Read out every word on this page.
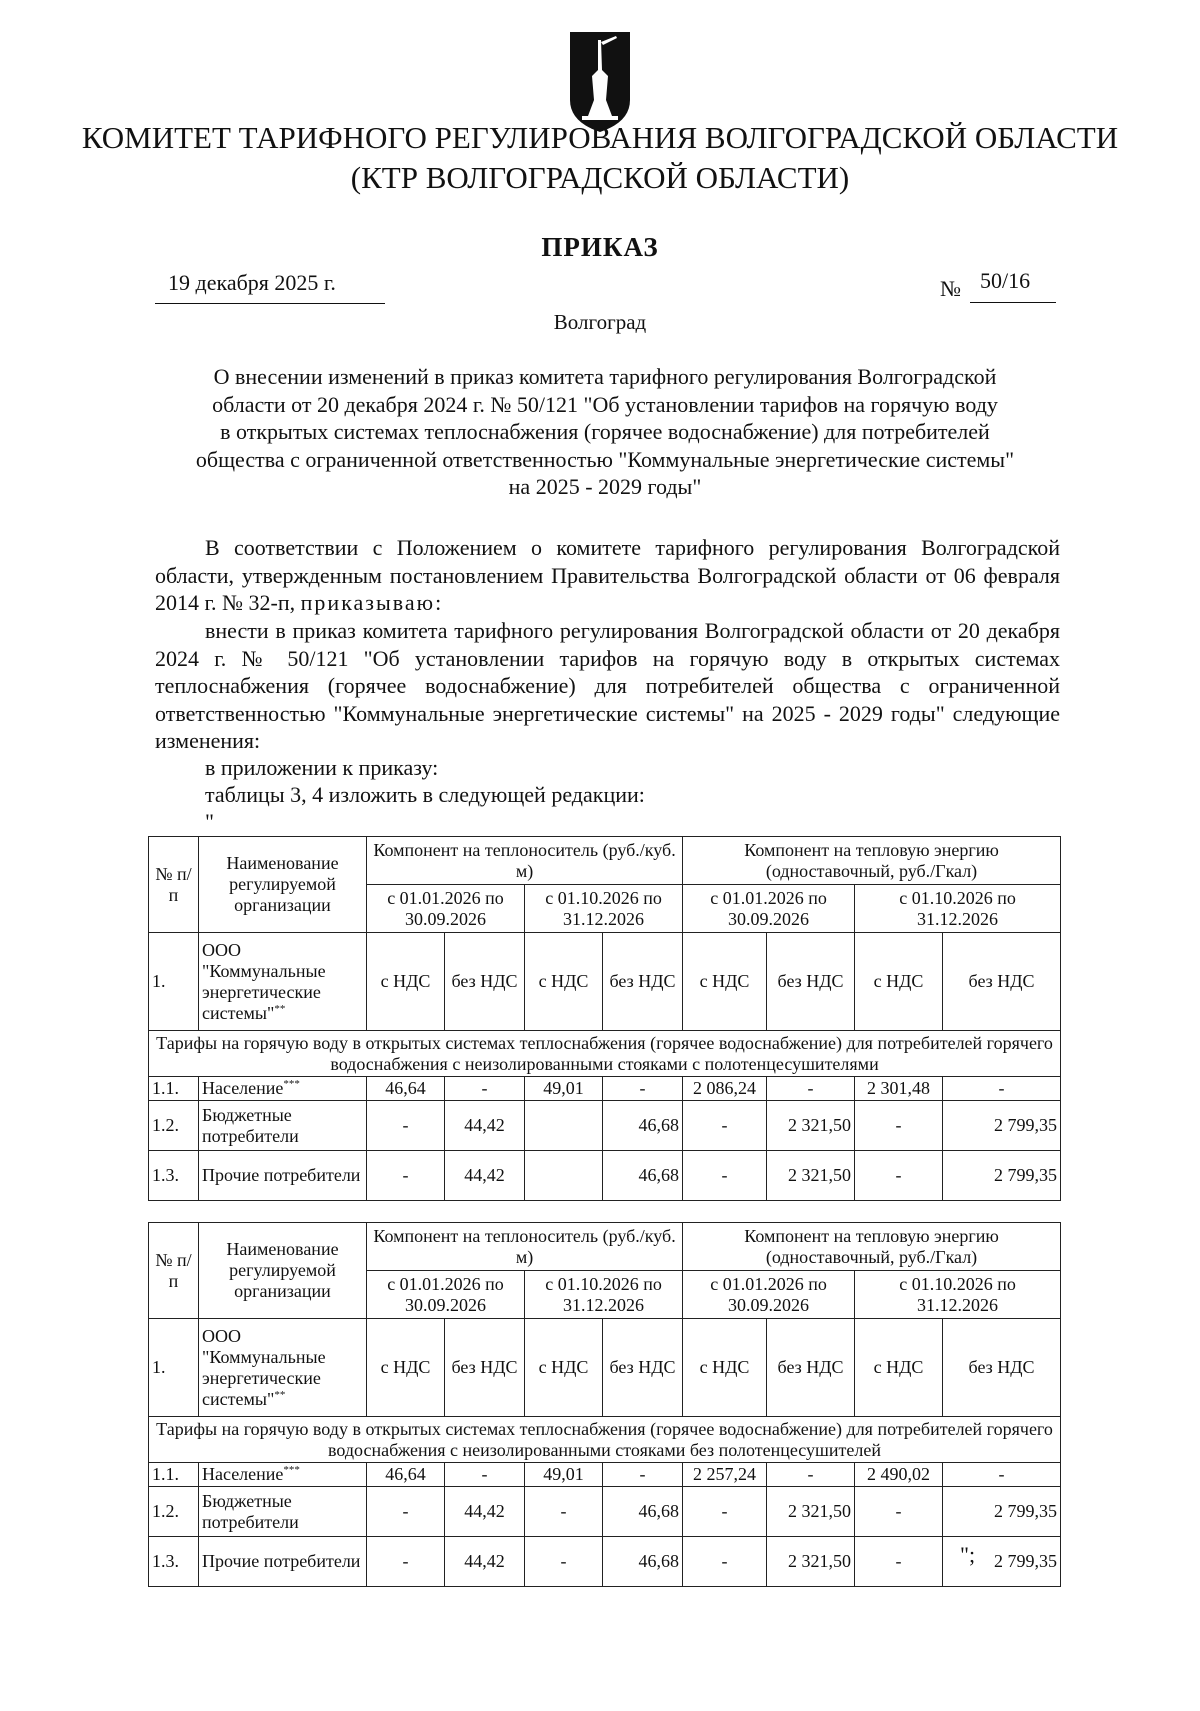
КОМИТЕТ ТАРИФНОГО РЕГУЛИРОВАНИЯ ВОЛГОГРАДСКОЙ ОБЛАСТИ
(КТР ВОЛГОГРАДСКОЙ ОБЛАСТИ)
ПРИКАЗ
19 декабря 2025 г.	№ 50/16
Волгоград
О внесении изменений в приказ комитета тарифного регулирования Волгоградской
области от 20 декабря 2024 г. № 50/121 "Об установлении тарифов на горячую воду
в открытых системах теплоснабжения (горячее водоснабжение) для потребителей
общества с ограниченной ответственностью "Коммунальные энергетические системы"
на 2025 - 2029 годы"
В соответствии с Положением о комитете тарифного регулирования Волгоградской области, утвержденным постановлением Правительства Волгоградской области от 06 февраля 2014 г. № 32-п, приказываю:
внести в приказ комитета тарифного регулирования Волгоградской области от 20 декабря 2024 г. № 50/121 "Об установлении тарифов на горячую воду в открытых системах теплоснабжения (горячее водоснабжение) для потребителей общества с ограниченной ответственностью "Коммунальные энергетические системы" на 2025 - 2029 годы" следующие изменения:
в приложении к приказу:
таблицы 3, 4 изложить в следующей редакции:
"
№ п/п	Наименование регулируемой организации	Компонент на теплоноситель (руб./куб. м)				Компонент на тепловую энергию (одноставочный, руб./Гкал)			
		с 01.01.2026 по 30.09.2026		с 01.10.2026 по 31.12.2026		с 01.01.2026 по 30.09.2026		с 01.10.2026 по 31.12.2026	
1.	ООО "Коммунальные энергетические системы"**	с НДС	без НДС	с НДС	без НДС	с НДС	без НДС	с НДС	без НДС
Тарифы на горячую воду в открытых системах теплоснабжения (горячее водоснабжение) для потребителей горячего водоснабжения с неизолированными стояками с полотенцесушителями									
1.1.	Население***	46,64	-	49,01	-	2 086,24	-	2 301,48	-
1.2.	Бюджетные потребители	-	44,42		46,68	-	2 321,50	-	2 799,35
1.3.	Прочие потребители	-	44,42		46,68	-	2 321,50	-	2 799,35
№ п/п	Наименование регулируемой организации	Компонент на теплоноситель (руб./куб. м)				Компонент на тепловую энергию (одноставочный, руб./Гкал)			
		с 01.01.2026 по 30.09.2026		с 01.10.2026 по 31.12.2026		с 01.01.2026 по 30.09.2026		с 01.10.2026 по 31.12.2026	
1.	ООО "Коммунальные энергетические системы"**	с НДС	без НДС	с НДС	без НДС	с НДС	без НДС	с НДС	без НДС
Тарифы на горячую воду в открытых системах теплоснабжения (горячее водоснабжение) для потребителей горячего водоснабжения с неизолированными стояками без полотенцесушителей									
1.1.	Население***	46,64	-	49,01	-	2 257,24	-	2 490,02	-
1.2.	Бюджетные потребители	-	44,42	-	46,68	-	2 321,50	-	2 799,35
1.3.	Прочие потребители	-	44,42	-	46,68	-	2 321,50	-	2 799,35
";
